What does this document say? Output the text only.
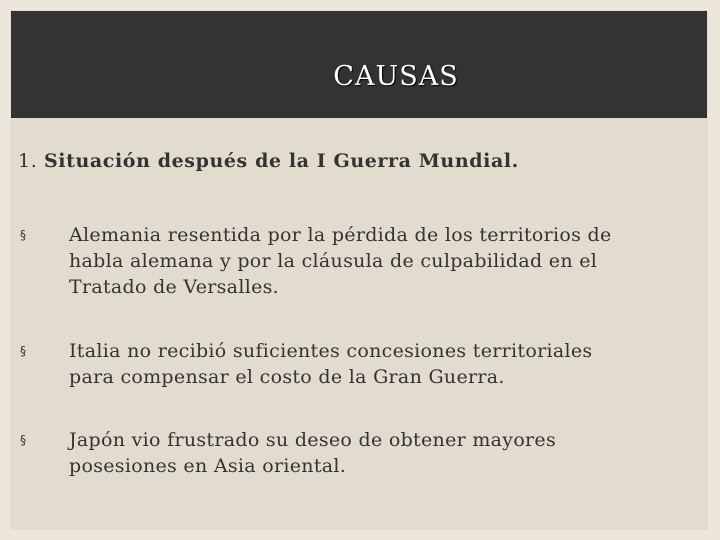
CAUSAS
1. Situación después de la I Guerra Mundial.
§ Alemania resentida por la pérdida de los territorios de
habla alemana y por la cláusula de culpabilidad en el
Tratado de Versalles.
§ Italia no recibió suficientes concesiones territoriales
para compensar el costo de la Gran Guerra.
§ Japón vio frustrado su deseo de obtener mayores
posesiones en Asia oriental.
